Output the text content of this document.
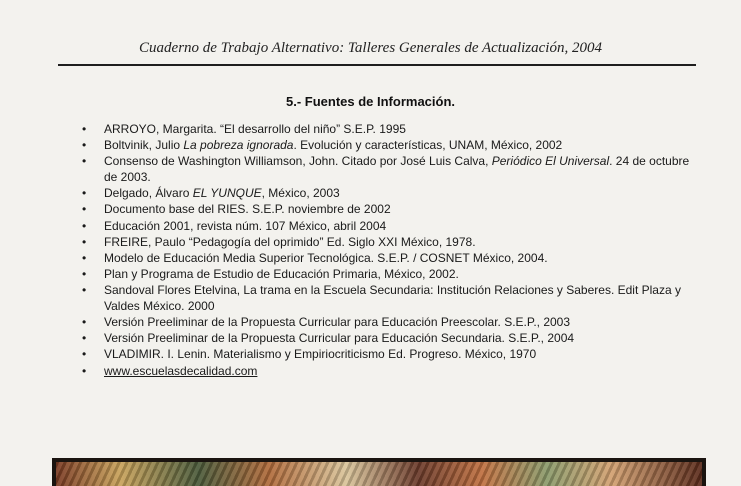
Cuaderno de Trabajo Alternativo: Talleres Generales de Actualización, 2004
5.- Fuentes de Información.
• ARROYO, Margarita. “El desarrollo del niño” S.E.P. 1995
• Boltvinik, Julio La pobreza ignorada. Evolución y características, UNAM, México, 2002
• Consenso de Washington Williamson, John. Citado por José Luis Calva, Periódico El Universal. 24 de octubre de 2003.
• Delgado, Álvaro EL YUNQUE, México, 2003
• Documento base del RIES. S.E.P. noviembre de 2002
• Educación 2001, revista núm. 107 México, abril 2004
• FREIRE, Paulo “Pedagogía del oprimido” Ed. Siglo XXI México, 1978.
• Modelo de Educación Media Superior Tecnológica. S.E.P. / COSNET México, 2004.
• Plan y Programa de Estudio de Educación Primaria, México, 2002.
• Sandoval Flores Etelvina, La trama en la Escuela Secundaria: Institución Relaciones y Saberes. Edit Plaza y Valdes México. 2000
• Versión Preeliminar de la Propuesta Curricular para Educación Preescolar. S.E.P., 2003
• Versión Preeliminar de la Propuesta Curricular para Educación Secundaria. S.E.P., 2004
• VLADIMIR. I. Lenin. Materialismo y Empiriocriticismo Ed. Progreso. México, 1970
• www.escuelasdecalidad.com
